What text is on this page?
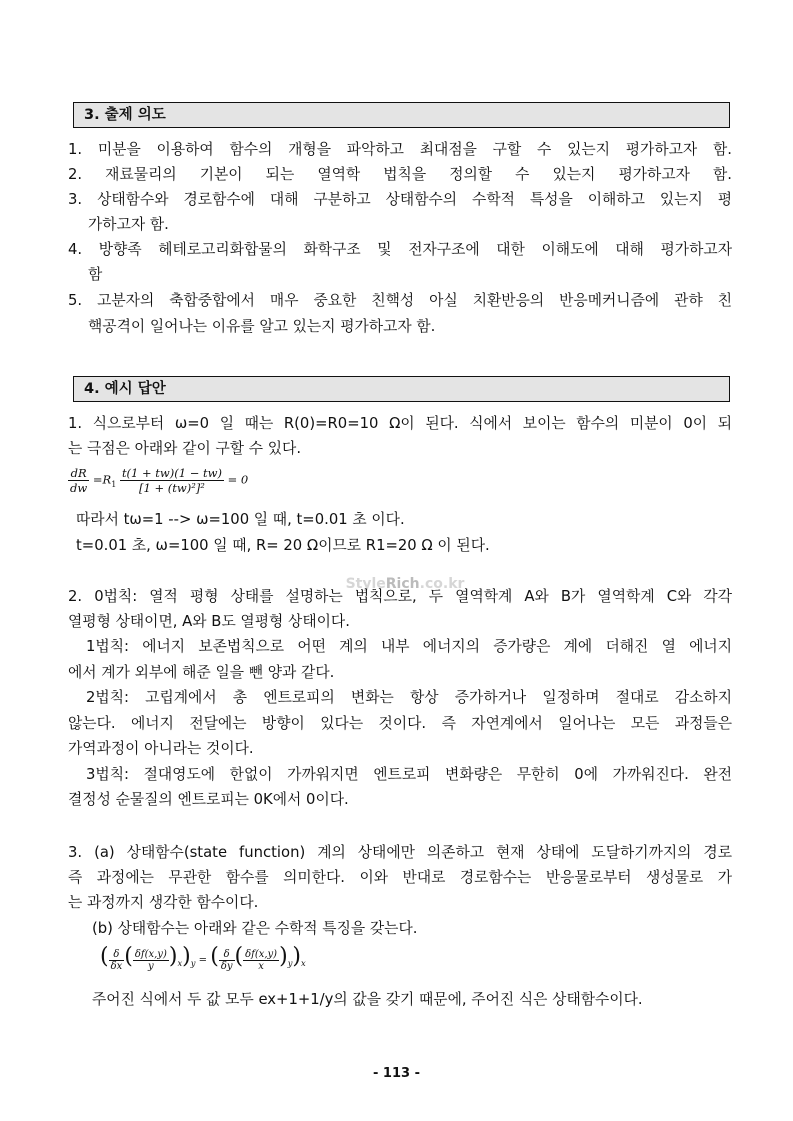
3. 출제 의도
1. 미분을 이용하여 함수의 개형을 파악하고 최대점을 구할 수 있는지 평가하고자 함.
2. 재료물리의 기본이 되는 열역학 법칙을 정의할 수 있는지 평가하고자 함.
3. 상태함수와 경로함수에 대해 구분하고 상태함수의 수학적 특성을 이해하고 있는지 평
가하고자 함.
4. 방향족 헤테로고리화합물의 화학구조 및 전자구조에 대한 이해도에 대해 평가하고자
함
5. 고분자의 축합중합에서 매우 중요한 친핵성 아실 치환반응의 반응메커니즘에 관햐 친
핵공격이 일어나는 이유를 알고 있는지 평가하고자 함.
4. 예시 답안
1. 식으로부터 ω=0 일 때는 R(0)=R0=10 Ω이 된다. 식에서 보이는 함수의 미분이 0이 되
는 극점은 아래와 같이 구할 수 있다.
$\frac{dR}{dw} =R_1 \frac{t(1 + tw)(1 - tw)}{\text{[1 + (tw)²]²}} = 0$
따라서 tω=1 --> ω=100 일 때, t=0.01 초 이다.
t=0.01 초, ω=100 일 때, R= 20 Ω이므로 R1=20 Ω 이 된다.

StyleRich.co.kr
2. 0법칙: 열적 평형 상태를 설명하는 법칙으로, 두 열역학계 A와 B가 열역학계 C와 각각
열평형 상태이면, A와 B도 열평형 상태이다.
1법칙: 에너지 보존법칙으로 어떤 계의 내부 에너지의 증가량은 계에 더해진 열 에너지
에서 계가 외부에 해준 일을 뺀 양과 같다.
2법칙: 고립계에서 총 엔트로피의 변화는 항상 증가하거나 일정하며 절대로 감소하지
않는다. 에너지 전달에는 방향이 있다는 것이다. 즉 자연계에서 일어나는 모든 과정들은
가역과정이 아니라는 것이다.
3법칙: 절대영도에 한없이 가까워지면 엔트로피 변화량은 무한히 0에 가까워진다. 완전
결정성 순물질의 엔트로피는 0K에서 0이다.
3. (a) 상태함수(state function) 계의 상태에만 의존하고 현재 상태에 도달하기까지의 경로
즉 과정에는 무관한 함수를 의미한다. 이와 반대로 경로함수는 반응물로부터 생성물로 가
는 과정까지 생각한 함수이다.
(b) 상태함수는 아래와 같은 수학적 특징을 갖는다.
( $\frac{\delta}{\delta x}$ ( $\frac{\delta f(x,y)}{y} )_x)_y$ = ( $\frac{\delta}{\delta y}$ ( $\frac{\delta f(x,y)}{x} )_y)_x$
주어진 식에서 두 값 모두 ex+1+1/y의 값을 갖기 때문에, 주어진 식은 상태함수이다.
- 113 -
